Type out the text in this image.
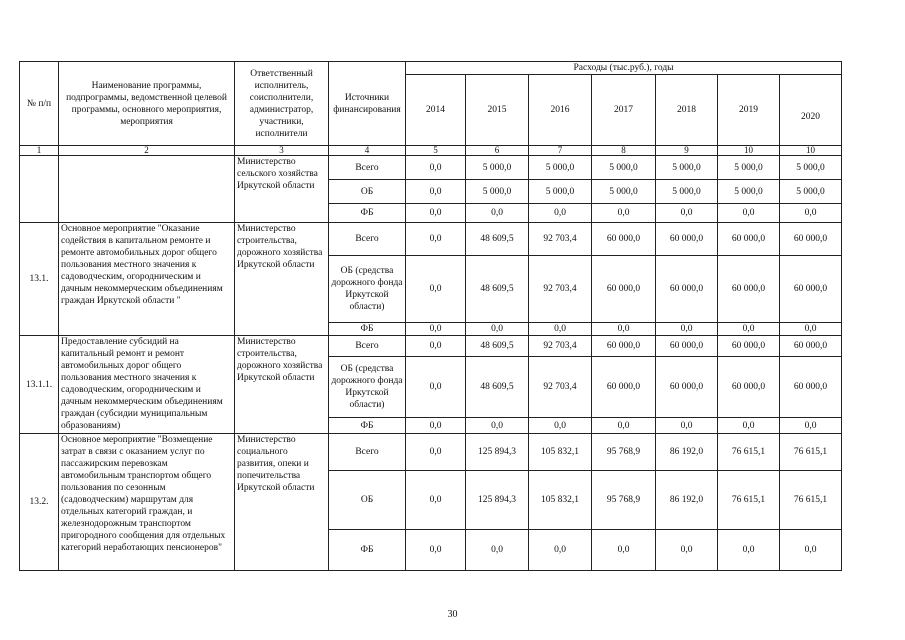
№ п/п	Наименование программы, подпрограммы, ведомственной целевой программы, основного мероприятия, мероприятия	Ответственный исполнитель, соисполнители, администратор, участники, исполнители	Источники финансирования	Расходы (тыс.руб.), годы						
				2014	2015	2016	2017	2018	2019	2020
1	2	3	4	5	6	7	8	9	10	10
		Министерство сельского хозяйства Иркутской области	Всего	0,0	5 000,0	5 000,0	5 000,0	5 000,0	5 000,0	5 000,0
			ОБ	0,0	5 000,0	5 000,0	5 000,0	5 000,0	5 000,0	5 000,0
			ФБ	0,0	0,0	0,0	0,0	0,0	0,0	0,0
13.1.	Основное мероприятие "Оказание содействия в капитальном ремонте и ремонте автомобильных дорог общего пользования местного значения к садоводческим, огородническим и дачным некоммерческим объединениям граждан Иркутской области "	Министерство строительства, дорожного хозяйства Иркутской области	Всего	0,0	48 609,5	92 703,4	60 000,0	60 000,0	60 000,0	60 000,0
			ОБ (средства дорожного фонда Иркутской области)	0,0	48 609,5	92 703,4	60 000,0	60 000,0	60 000,0	60 000,0
			ФБ	0,0	0,0	0,0	0,0	0,0	0,0	0,0
13.1.1.	Предоставление субсидий на капитальный ремонт и ремонт автомобильных дорог общего пользования местного значения к садоводческим, огородническим и дачным некоммерческим объединениям граждан (субсидии муниципальным образованиям)	Министерство строительства, дорожного хозяйства Иркутской области	Всего	0,0	48 609,5	92 703,4	60 000,0	60 000,0	60 000,0	60 000,0
			ОБ (средства дорожного фонда Иркутской области)	0,0	48 609,5	92 703,4	60 000,0	60 000,0	60 000,0	60 000,0
			ФБ	0,0	0,0	0,0	0,0	0,0	0,0	0,0
13.2.	Основное мероприятие "Возмещение затрат в связи с оказанием услуг по пассажирским перевозкам автомобильным транспортом общего пользования по сезонным (садоводческим) маршрутам для отдельных категорий граждан, и железнодорожным транспортом пригородного сообщения для отдельных категорий неработающих пенсионеров"	Министерство социального развития, опеки и попечительства Иркутской области	Всего	0,0	125 894,3	105 832,1	95 768,9	86 192,0	76 615,1	76 615,1
			ОБ	0,0	125 894,3	105 832,1	95 768,9	86 192,0	76 615,1	76 615,1
			ФБ	0,0	0,0	0,0	0,0	0,0	0,0	0,0
30
